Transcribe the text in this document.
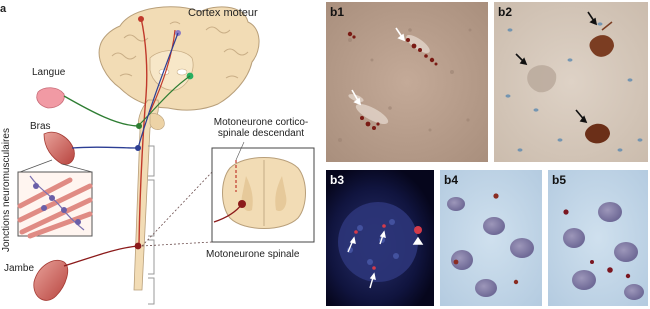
a	Cortex moteur
Langue
Bras
Jambe
Jonctions neuromusculaires
Motoneurone cortico-spinale descendant
Motoneurone spinale
b1	b2
b3	b4	b5
